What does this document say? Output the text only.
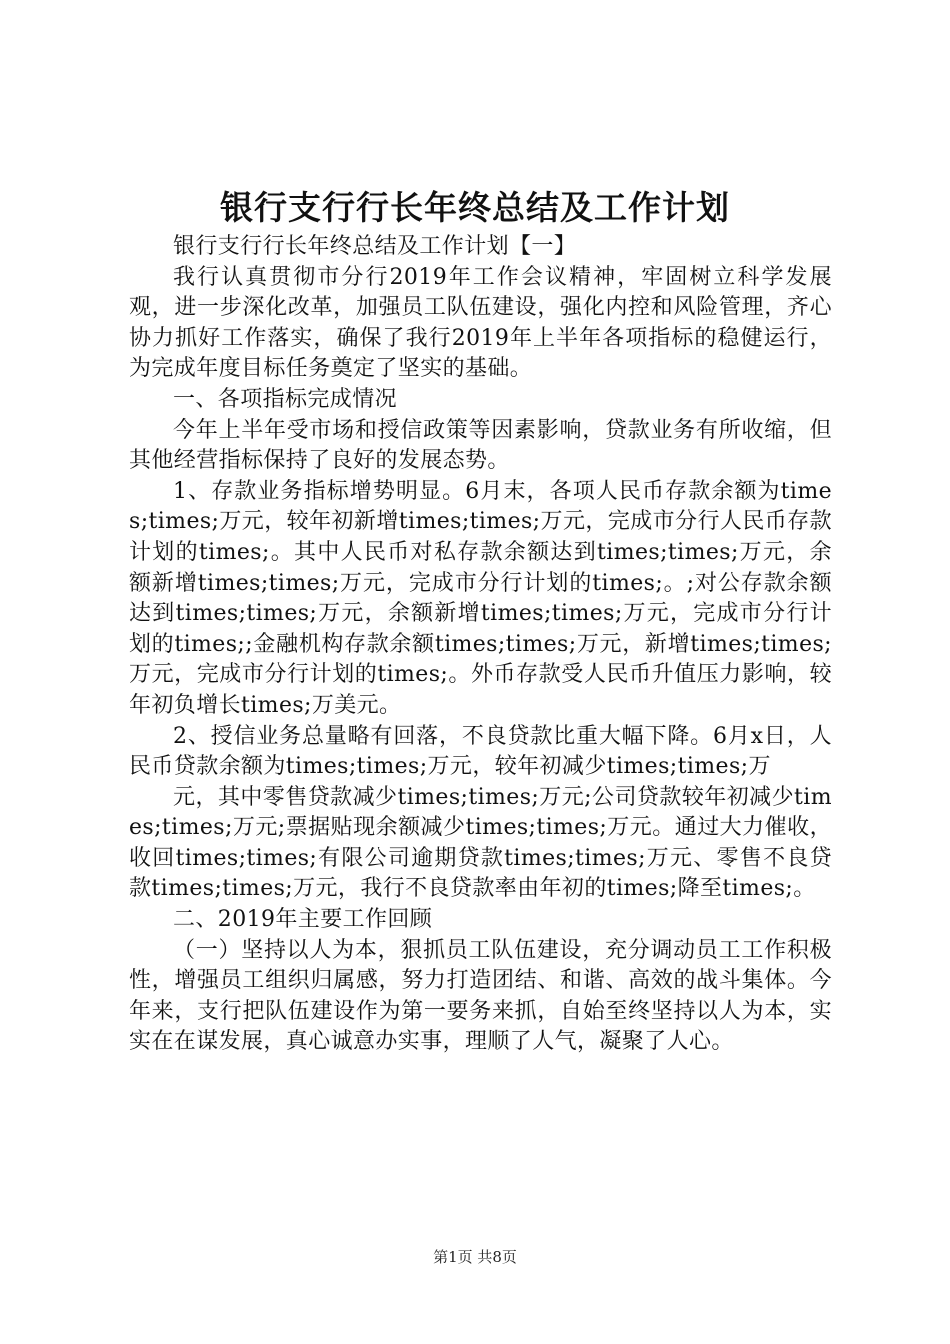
银行支行行长年终总结及工作计划

银行支行行长年终总结及工作计划【一】

我行认真贯彻市分行2019年工作会议精神，牢固树立科学发展观，进一步深化改革，加强员工队伍建设，强化内控和风险管理，齐心协力抓好工作落实，确保了我行2019年上半年各项指标的稳健运行，为完成年度目标任务奠定了坚实的基础。

一、各项指标完成情况

今年上半年受市场和授信政策等因素影响，贷款业务有所收缩，但其他经营指标保持了良好的发展态势。

1、存款业务指标增势明显。6月末，各项人民币存款余额为times;times;万元，较年初新增times;times;万元，完成市分行人民币存款计划的times;。其中人民币对私存款余额达到times;times;万元，余额新增times;times;万元，完成市分行计划的times;。;对公存款余额达到times;times;万元，余额新增times;times;万元，完成市分行计划的times;;金融机构存款余额times;times;万元，新增times;times;万元，完成市分行计划的times;。外币存款受人民币升值压力影响，较年初负增长times;万美元。

2、授信业务总量略有回落，不良贷款比重大幅下降。6月x日，人民币贷款余额为times;times;万元，较年初减少times;times;万

元，其中零售贷款减少times;times;万元;公司贷款较年初减少times;times;万元;票据贴现余额减少times;times;万元。通过大力催收，收回times;times;有限公司逾期贷款times;times;万元、零售不良贷款times;times;万元，我行不良贷款率由年初的times;降至times;。

二、2019年主要工作回顾

（一）坚持以人为本，狠抓员工队伍建设，充分调动员工工作积极性，增强员工组织归属感，努力打造团结、和谐、高效的战斗集体。今年来，支行把队伍建设作为第一要务来抓，自始至终坚持以人为本，实实在在谋发展，真心诚意办实事，理顺了人气，凝聚了人心。

第1页 共8页
